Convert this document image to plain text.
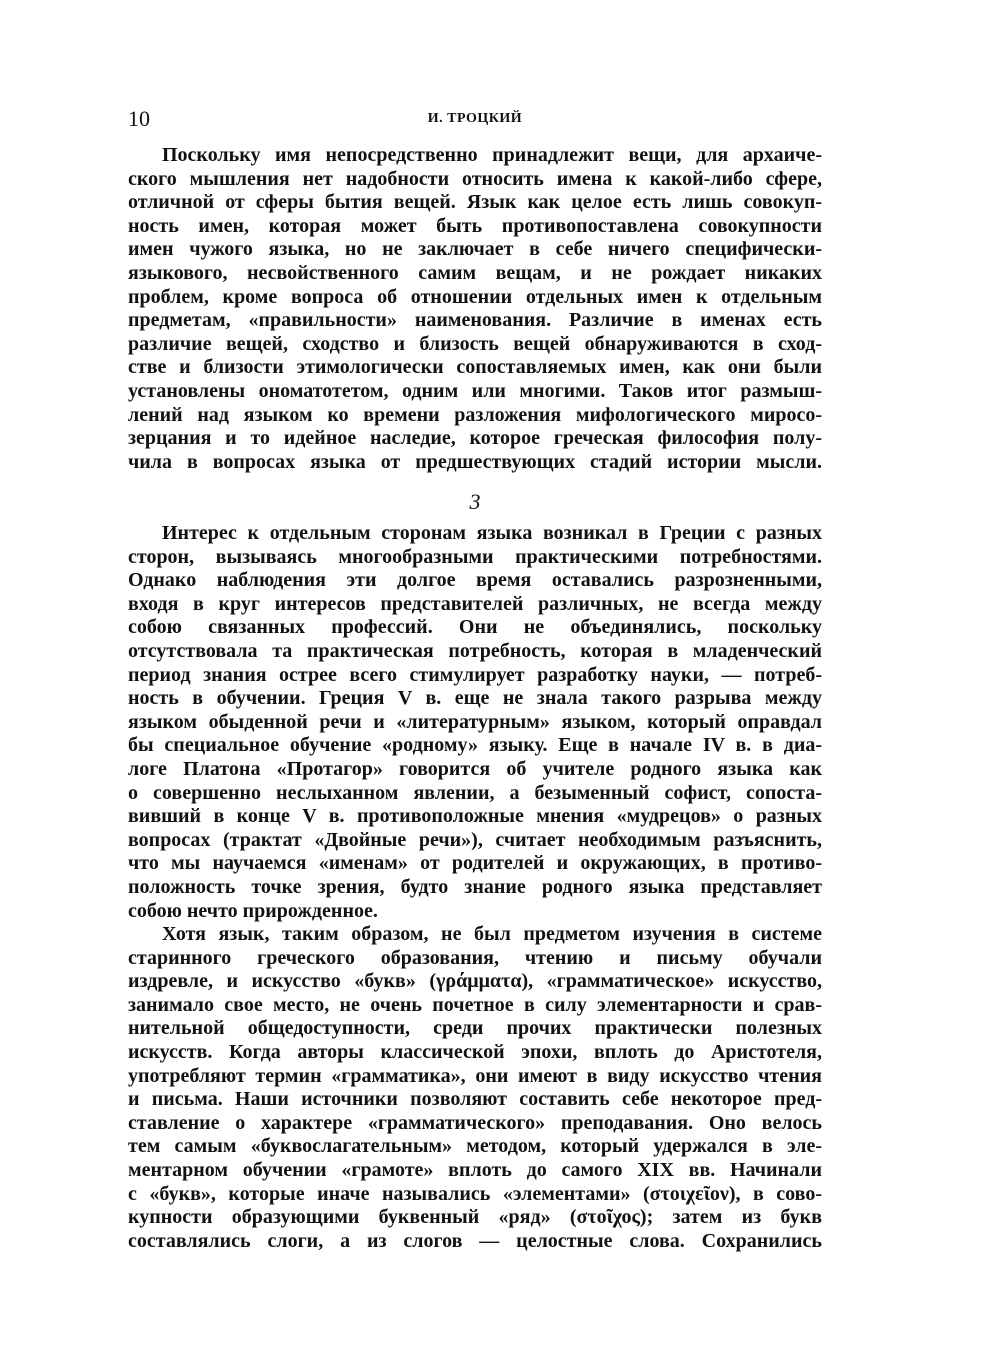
10	И. ТРОЦКИЙ
Поскольку имя непосредственно принадлежит вещи, для архаиче-
ского мышления нет надобности относить имена к какой-либо сфере,
отличной от сферы бытия вещей. Язык как целое есть лишь совокуп-
ность имен, которая может быть противопоставлена совокупности
имен чужого языка, но не заключает в себе ничего специфически-
языкового, несвойственного самим вещам, и не рождает никаких
проблем, кроме вопроса об отношении отдельных имен к отдельным
предметам, «правильности» наименования. Различие в именах есть
различие вещей, сходство и близость вещей обнаруживаются в сход-
стве и близости этимологически сопоставляемых имен, как они были
установлены ономатотетом, одним или многими. Таков итог размыш-
лений над языком ко времени разложения мифологического миросо-
зерцания и то идейное наследие, которое греческая философия полу-
чила в вопросах языка от предшествующих стадий истории мысли.
3
Интерес к отдельным сторонам языка возникал в Греции с разных
сторон, вызываясь многообразными практическими потребностями.
Однако наблюдения эти долгое время оставались разрозненными,
входя в круг интересов представителей различных, не всегда между
собою связанных профессий. Они не объединялись, поскольку
отсутствовала та практическая потребность, которая в младенческий
период знания острее всего стимулирует разработку науки, — потреб-
ность в обучении. Греция V в. еще не знала такого разрыва между
языком обыденной речи и «литературным» языком, который оправдал
бы специальное обучение «родному» языку. Еще в начале IV в. в диа-
логе Платона «Протагор» говорится об учителе родного языка как
о совершенно неслыханном явлении, а безыменный софист, сопоста-
вивший в конце V в. противоположные мнения «мудрецов» о разных
вопросах (трактат «Двойные речи»), считает необходимым разъяснить,
что мы научаемся «именам» от родителей и окружающих, в противо-
положность точке зрения, будто знание родного языка представляет
собою нечто прирожденное.
Хотя язык, таким образом, не был предметом изучения в системе
старинного греческого образования, чтению и письму обучали
издревле, и искусство «букв» (γράμματα), «грамматическое» искусство,
занимало свое место, не очень почетное в силу элементарности и срав-
нительной общедоступности, среди прочих практически полезных
искусств. Когда авторы классической эпохи, вплоть до Аристотеля,
употребляют термин «грамматика», они имеют в виду искусство чтения
и письма. Наши источники позволяют составить себе некоторое пред-
ставление о характере «грамматического» преподавания. Оно велось
тем самым «буквослагательным» методом, который удержался в эле-
ментарном обучении «грамоте» вплоть до самого XIX вв. Начинали
с «букв», которые иначе назывались «элементами» (στοιχεῖον), в сово-
купности образующими буквенный «ряд» (στοῖχος); затем из букв
составлялись слоги, а из слогов — целостные слова. Сохранились
